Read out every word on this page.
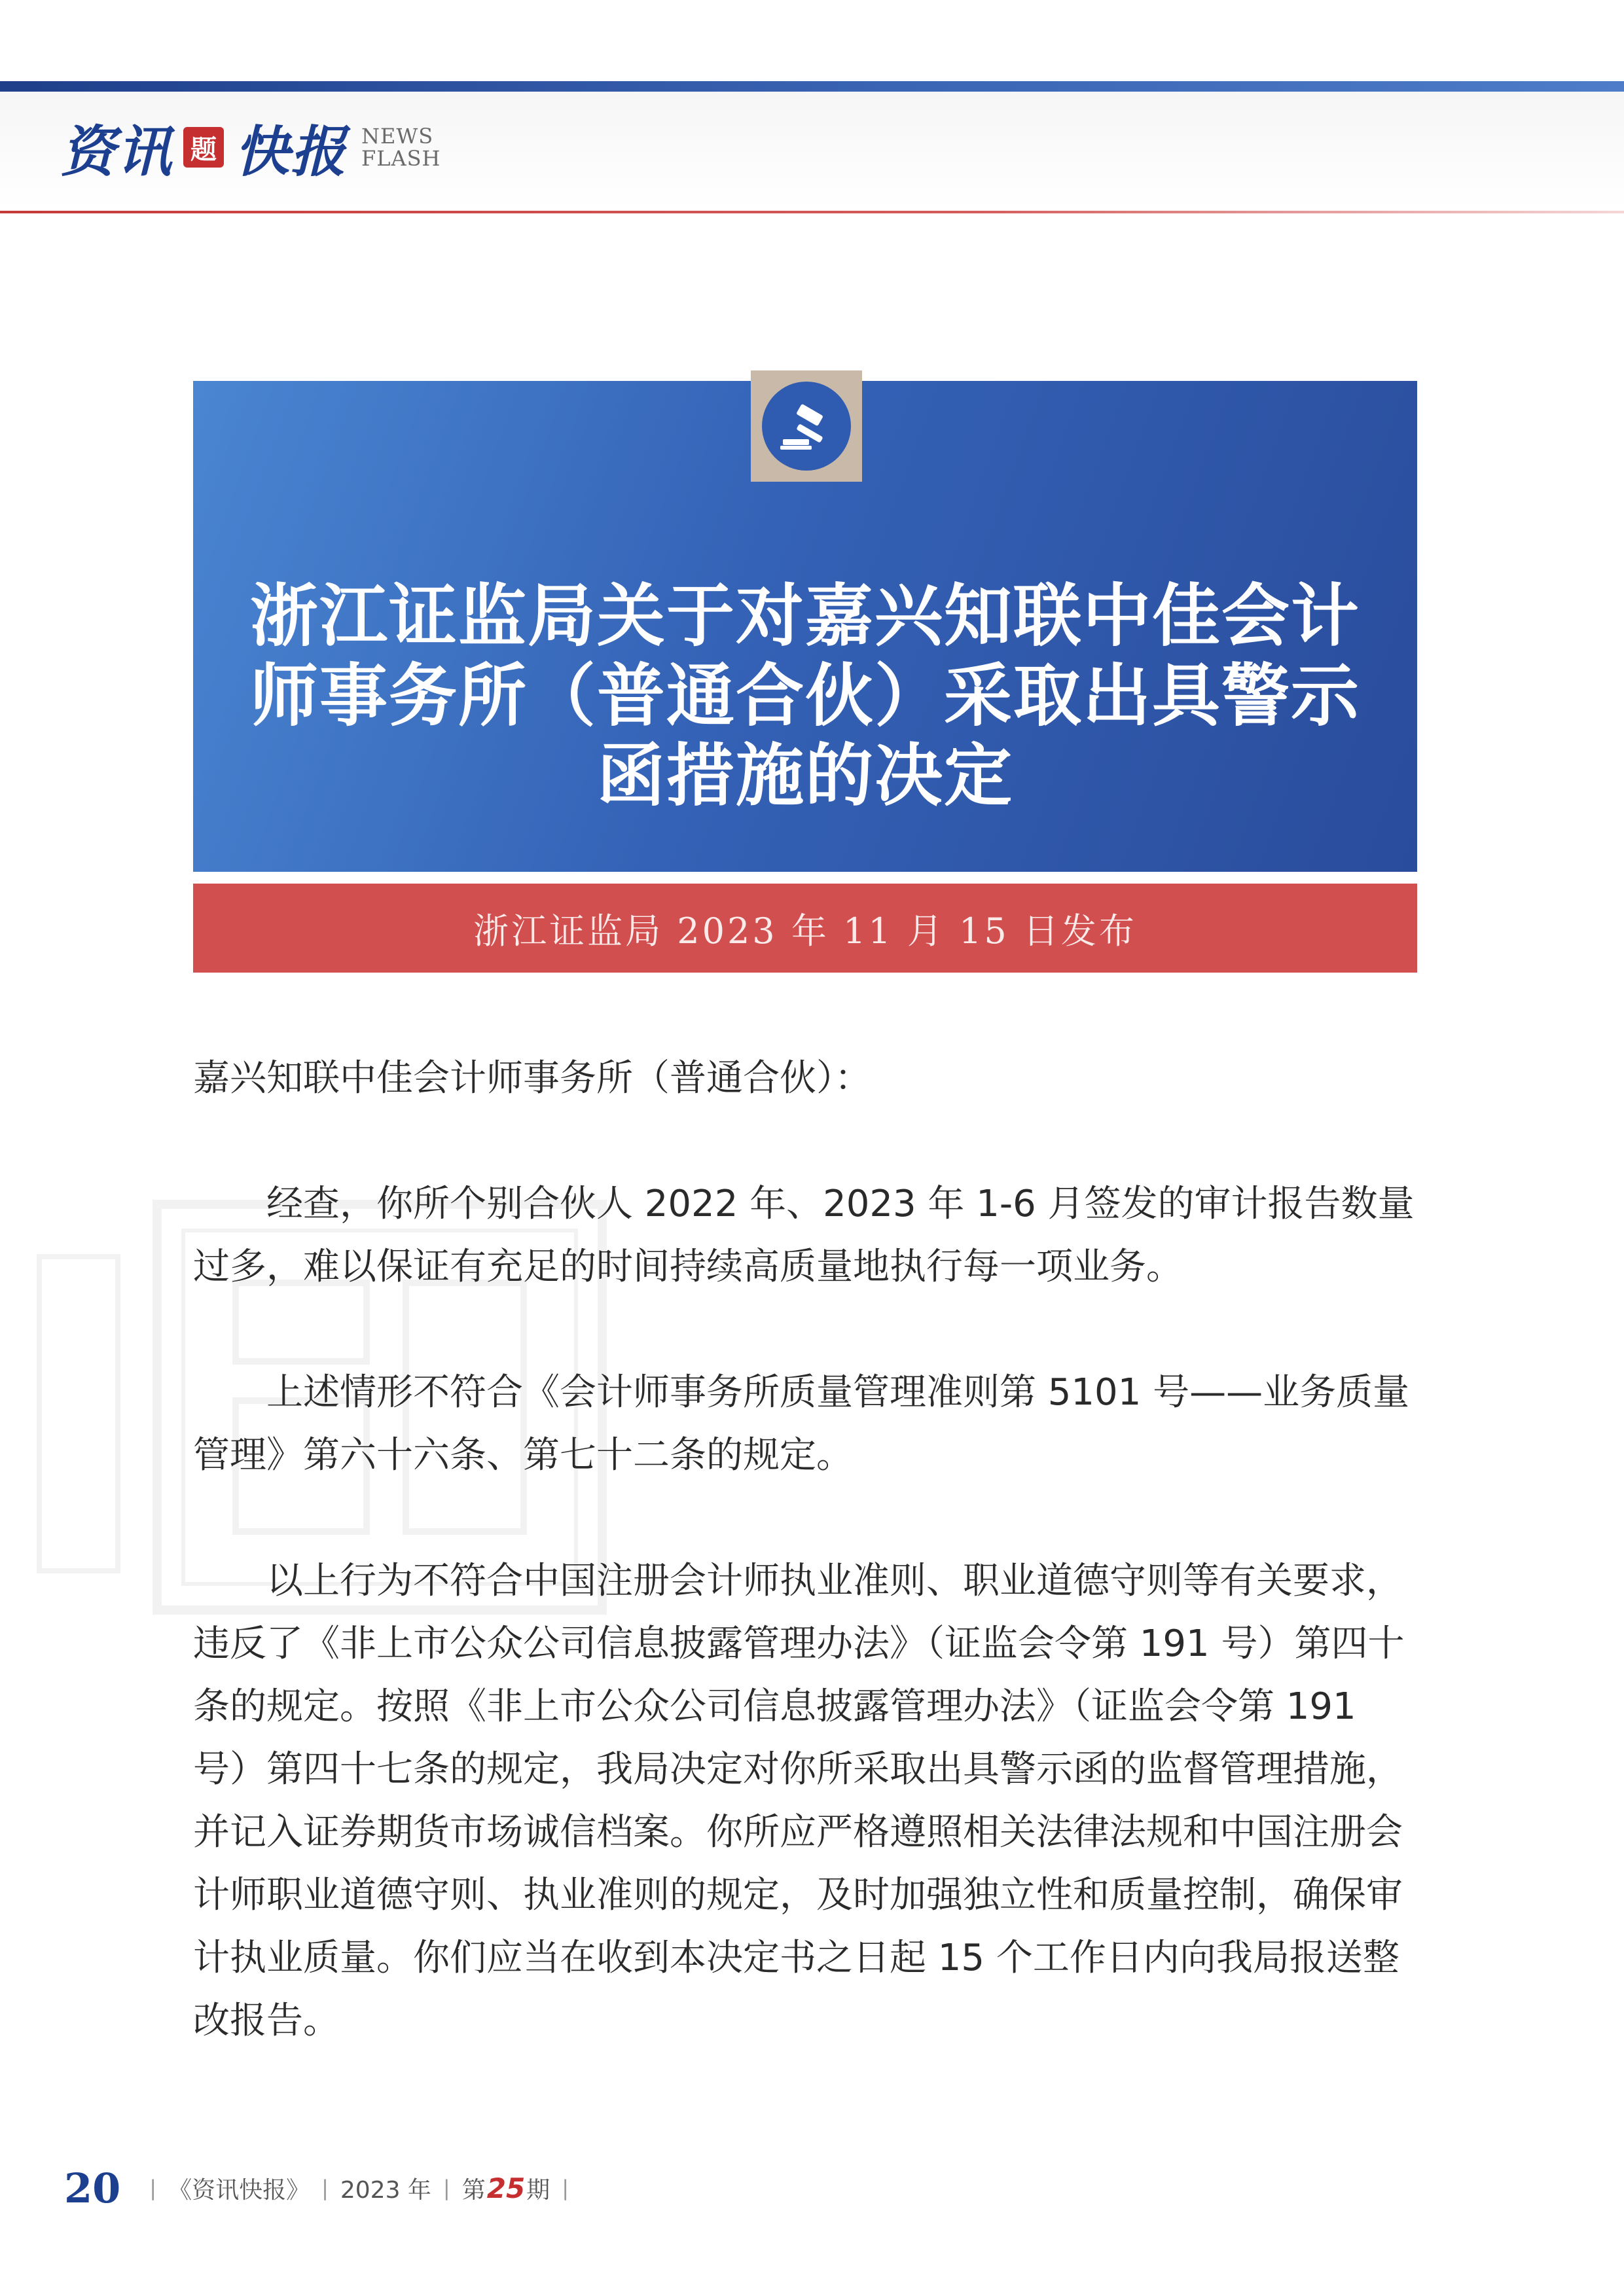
资讯 题 快报 NEWS
FLASH
浙江证监局关于对嘉兴知联中佳会计
师事务所（普通合伙）采取出具警示
函措施的决定
浙江证监局 2023 年 11 月 15 日发布

嘉兴知联中佳会计师事务所（普通合伙）：

经查，你所个别合伙人 2022 年、2023 年 1-6 月签发的审计报告数量过多，难以保证有充足的时间持续高质量地执行每一项业务。

上述情形不符合《会计师事务所质量管理准则第 5101 号——业务质量管理》第六十六条、第七十二条的规定。

以上行为不符合中国注册会计师执业准则、职业道德守则等有关要求，违反了《非上市公众公司信息披露管理办法》（证监会令第 191 号）第四十条的规定。按照《非上市公众公司信息披露管理办法》（证监会令第 191 号）第四十七条的规定，我局决定对你所采取出具警示函的监督管理措施，并记入证券期货市场诚信档案。你所应严格遵照相关法律法规和中国注册会计师职业道德守则、执业准则的规定，及时加强独立性和质量控制，确保审计执业质量。你们应当在收到本决定书之日起 15 个工作日内向我局报送整改报告。

20 | 《资讯快报》 | 2023 年 | 第 25 期 |
